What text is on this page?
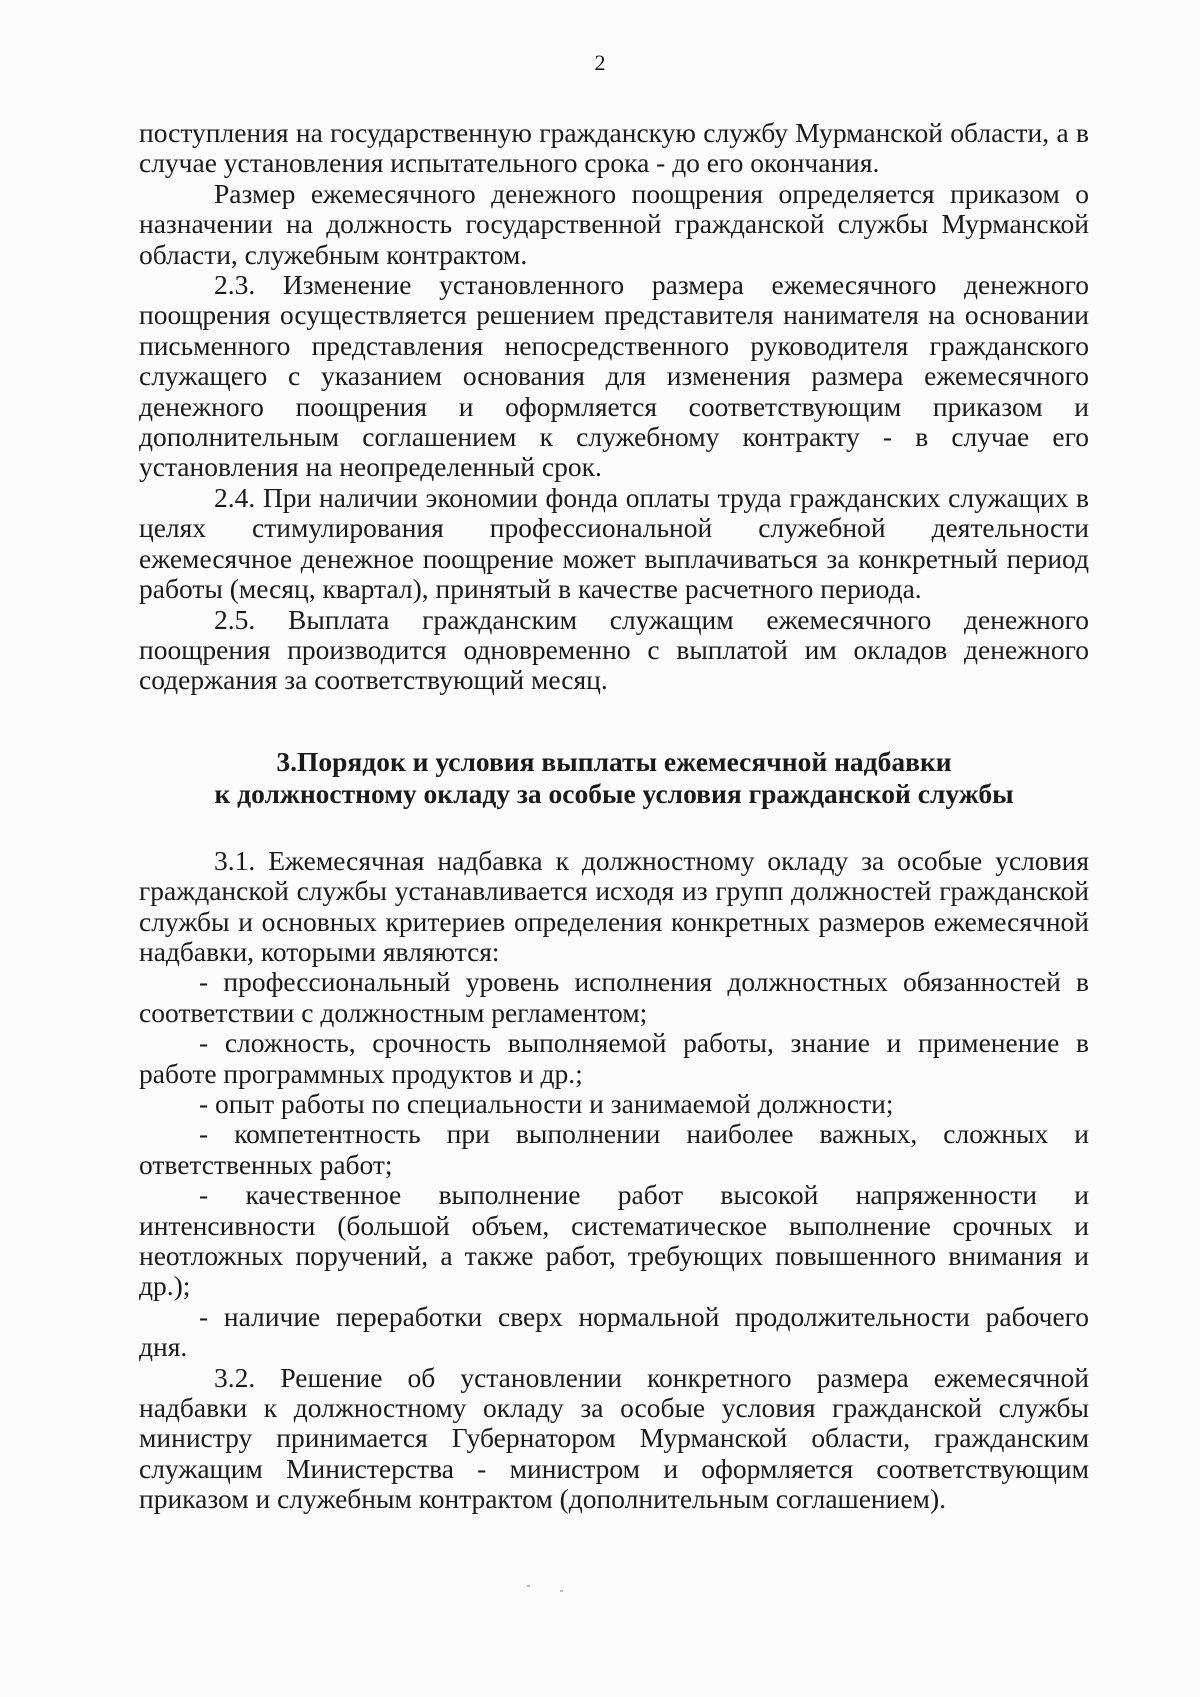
2

поступления на государственную гражданскую службу Мурманской области, а в случае установления испытательного срока - до его окончания.

Размер ежемесячного денежного поощрения определяется приказом о назначении на должность государственной гражданской службы Мурманской области, служебным контрактом.

2.3. Изменение установленного размера ежемесячного денежного поощрения осуществляется решением представителя нанимателя на основании письменного представления непосредственного руководителя гражданского служащего с указанием основания для изменения размера ежемесячного денежного поощрения и оформляется соответствующим приказом и дополнительным соглашением к служебному контракту - в случае его установления на неопределенный срок.

2.4. При наличии экономии фонда оплаты труда гражданских служащих в целях стимулирования профессиональной служебной деятельности ежемесячное денежное поощрение может выплачиваться за конкретный период работы (месяц, квартал), принятый в качестве расчетного периода.

2.5. Выплата гражданским служащим ежемесячного денежного поощрения производится одновременно с выплатой им окладов денежного содержания за соответствующий месяц.

3.Порядок и условия выплаты ежемесячной надбавки
к должностному окладу за особые условия гражданской службы

3.1. Ежемесячная надбавка к должностному окладу за особые условия гражданской службы устанавливается исходя из групп должностей гражданской службы и основных критериев определения конкретных размеров ежемесячной надбавки, которыми являются:

- профессиональный уровень исполнения должностных обязанностей в соответствии с должностным регламентом;

- сложность, срочность выполняемой работы, знание и применение в работе программных продуктов и др.;

- опыт работы по специальности и занимаемой должности;

- компетентность при выполнении наиболее важных, сложных и ответственных работ;

- качественное выполнение работ высокой напряженности и интенсивности (большой объем, систематическое выполнение срочных и неотложных поручений, а также работ, требующих повышенного внимания и др.);

- наличие переработки сверх нормальной продолжительности рабочего дня.

3.2. Решение об установлении конкретного размера ежемесячной надбавки к должностному окладу за особые условия гражданской службы министру принимается Губернатором Мурманской области, гражданским служащим Министерства - министром и оформляется соответствующим приказом и служебным контрактом (дополнительным соглашением).
